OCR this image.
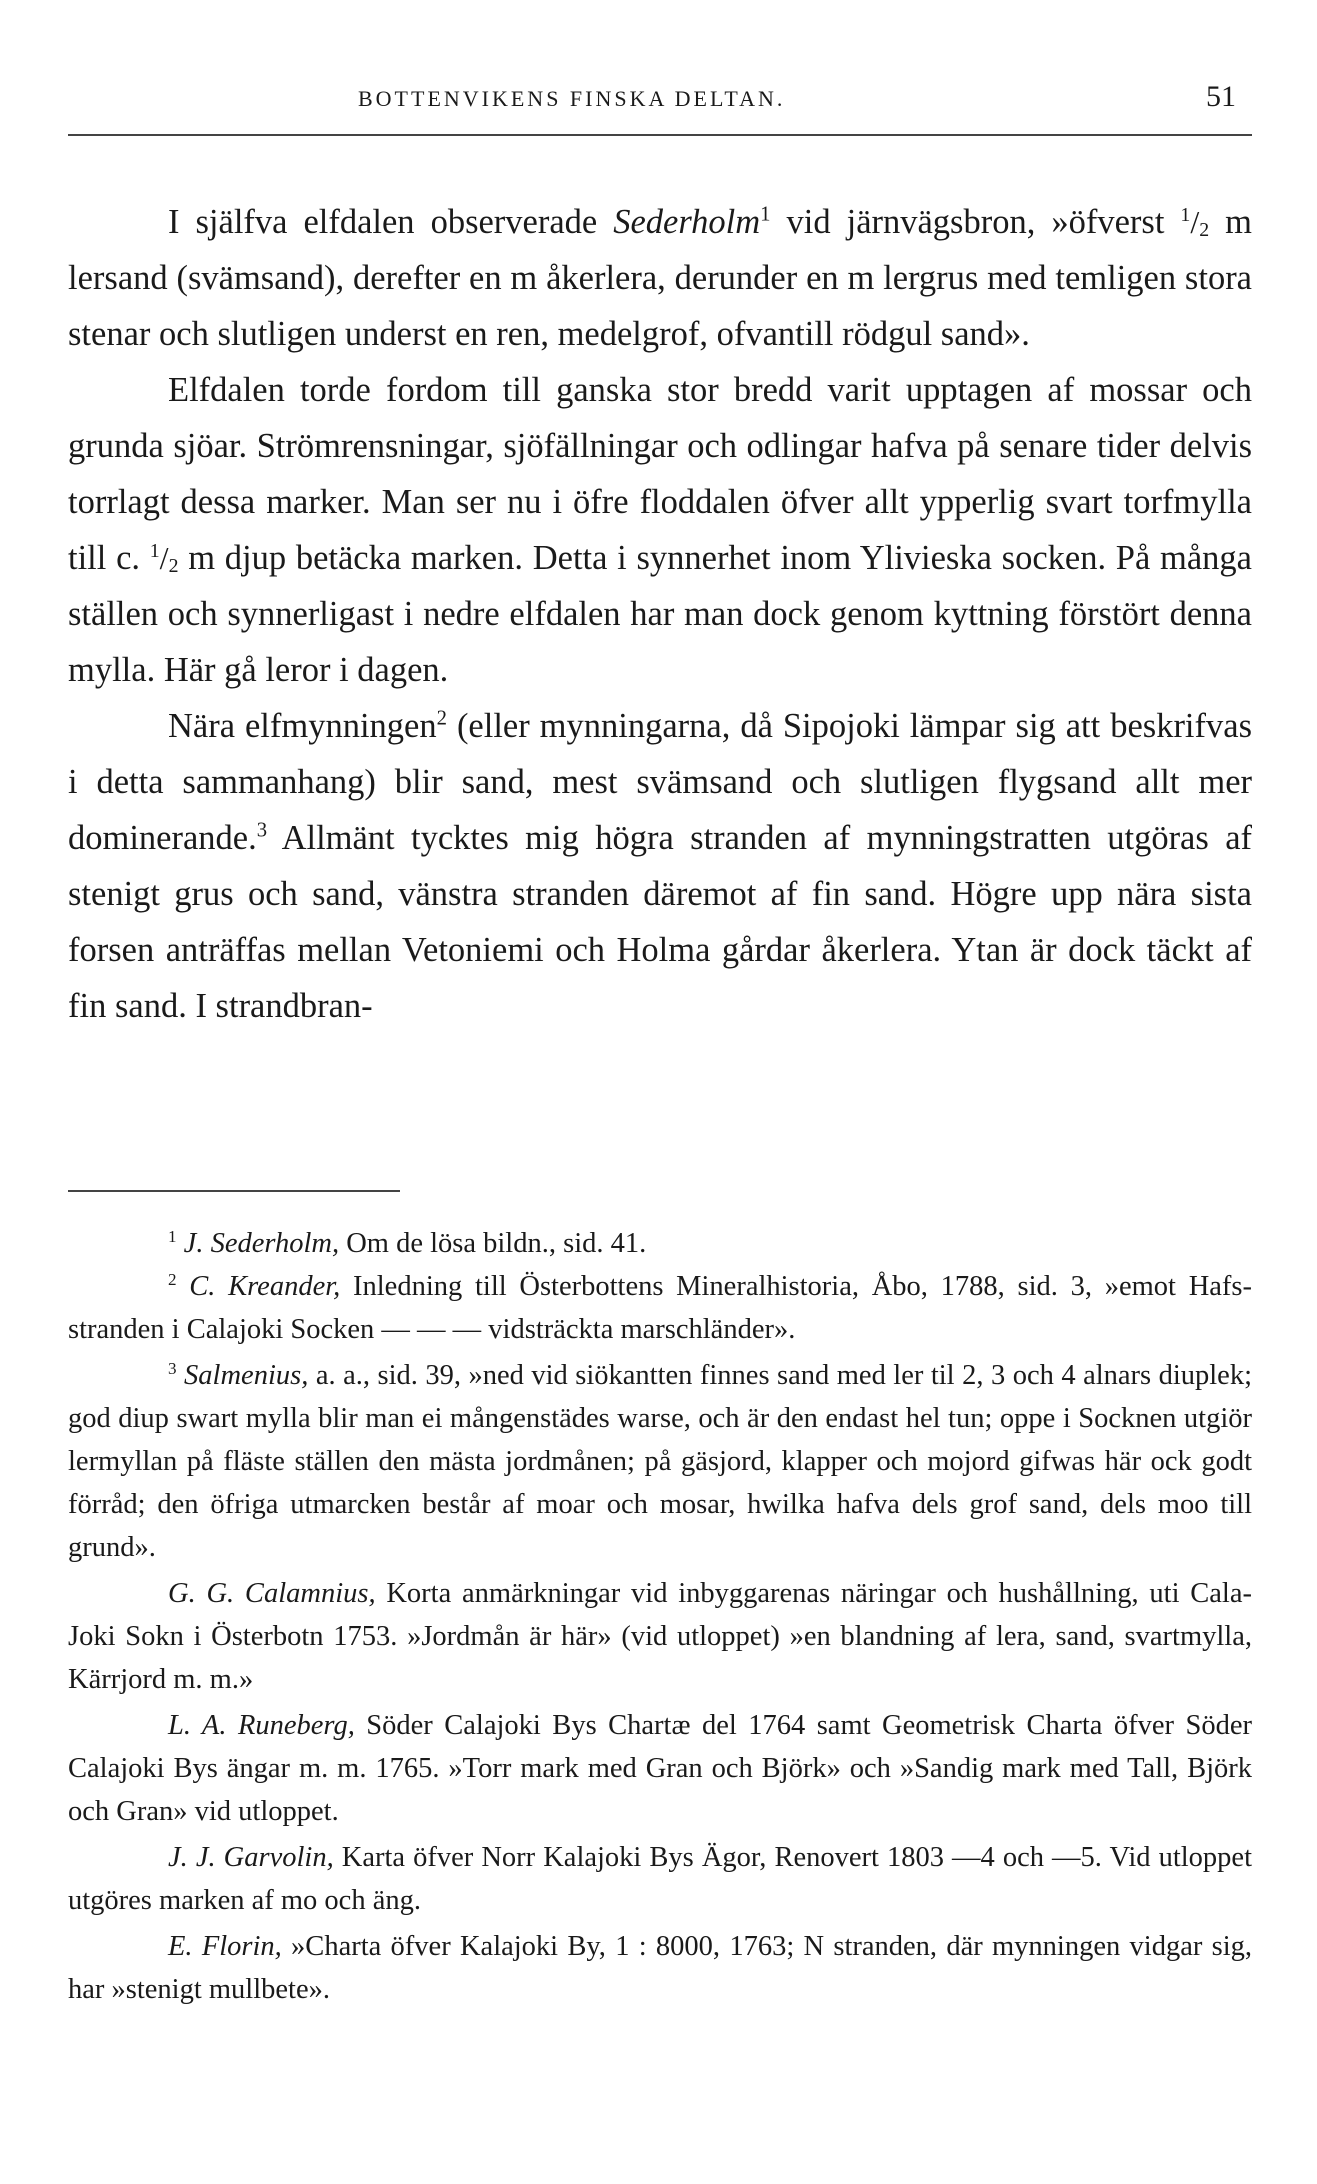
BOTTENVIKENS FINSKA DELTAN.	51

I själfva elfdalen observerade Sederholm$^1$ vid järnvägsbron, »öfverst $^1/_2$ m lersand (svämsand), derefter en m åkerlera, derunder en m lergrus med temligen stora stenar och slutligen underst en ren, medelgrof, ofvantill rödgul sand».

Elfdalen torde fordom till ganska stor bredd varit upptagen af mossar och grunda sjöar. Strömrensningar, sjöfällningar och odlingar hafva på senare tider delvis torrlagt dessa marker. Man ser nu i öfre floddalen öfver allt ypperlig svart torfmylla till c. $^1/_2$ m djup betäcka marken. Detta i synnerhet inom Ylivieska socken. På många ställen och synnerligast i nedre elfdalen har man dock genom kyttning förstört denna mylla. Här gå leror i dagen.

Nära elfmynningen$^2$ (eller mynningarna, då Sipojoki lämpar sig att beskrifvas i detta sammanhang) blir sand, mest svämsand och slutligen flygsand allt mer dominerande.$^3$ Allmänt tycktes mig högra stranden af mynningstratten utgöras af stenigt grus och sand, vänstra stranden däremot af fin sand. Högre upp nära sista forsen anträffas mellan Vetoniemi och Holma gårdar åkerlera. Ytan är dock täckt af fin sand. I strandbran-

$^1$ J. Sederholm, Om de lösa bildn., sid. 41.

$^2$ C. Kreander, Inledning till Österbottens Mineralhistoria, Åbo, 1788, sid. 3, »emot Hafs-stranden i Calajoki Socken — — — vidsträckta marschländer».

$^3$ Salmenius, a. a., sid. 39, »ned vid siökantten finnes sand med ler til 2, 3 och 4 alnars diuplek; god diup swart mylla blir man ei mångenstädes warse, och är den endast hel tun; oppe i Socknen utgiör lermyllan på fläste ställen den mästa jordmånen; på gäsjord, klapper och mojord gifwas här ock godt förråd; den öfriga utmarcken består af moar och mosar, hwilka hafva dels grof sand, dels moo till grund».

G. G. Calamnius, Korta anmärkningar vid inbyggarenas näringar och hushållning, uti Cala-Joki Sokn i Österbotn 1753. »Jordmån är här» (vid utloppet) »en blandning af lera, sand, svartmylla, Kärrjord m. m.»

L. A. Runeberg, Söder Calajoki Bys Chartæ del 1764 samt Geometrisk Charta öfver Söder Calajoki Bys ängar m. m. 1765. »Torr mark med Gran och Björk» och »Sandig mark med Tall, Björk och Gran» vid utloppet.

J. J. Garvolin, Karta öfver Norr Kalajoki Bys Ägor, Renovert 1803 —4 och —5. Vid utloppet utgöres marken af mo och äng.

E. Florin, »Charta öfver Kalajoki By, 1 : 8000, 1763; N stranden, där mynningen vidgar sig, har »stenigt mullbete».
